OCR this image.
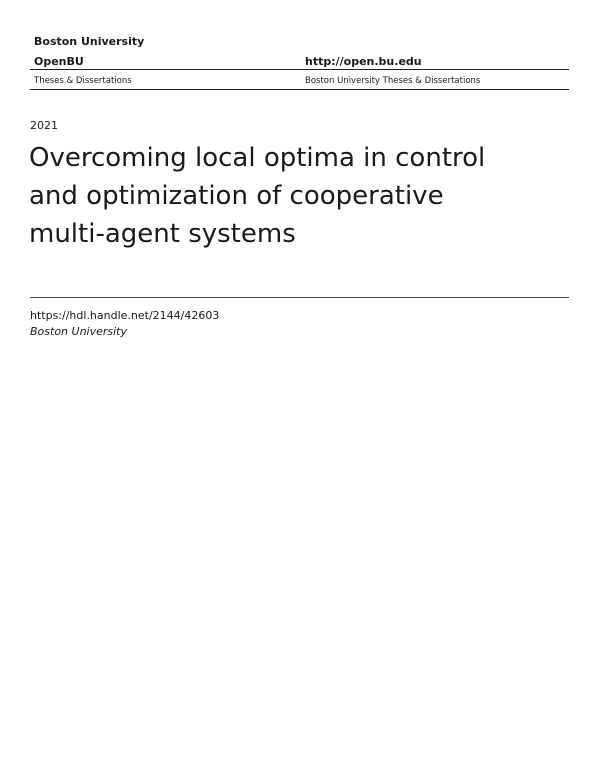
Boston University
OpenBU	http://open.bu.edu
Theses & Dissertations	Boston University Theses & Dissertations
2021
Overcoming local optima in control
and optimization of cooperative
multi-agent systems
https://hdl.handle.net/2144/42603
Boston University
